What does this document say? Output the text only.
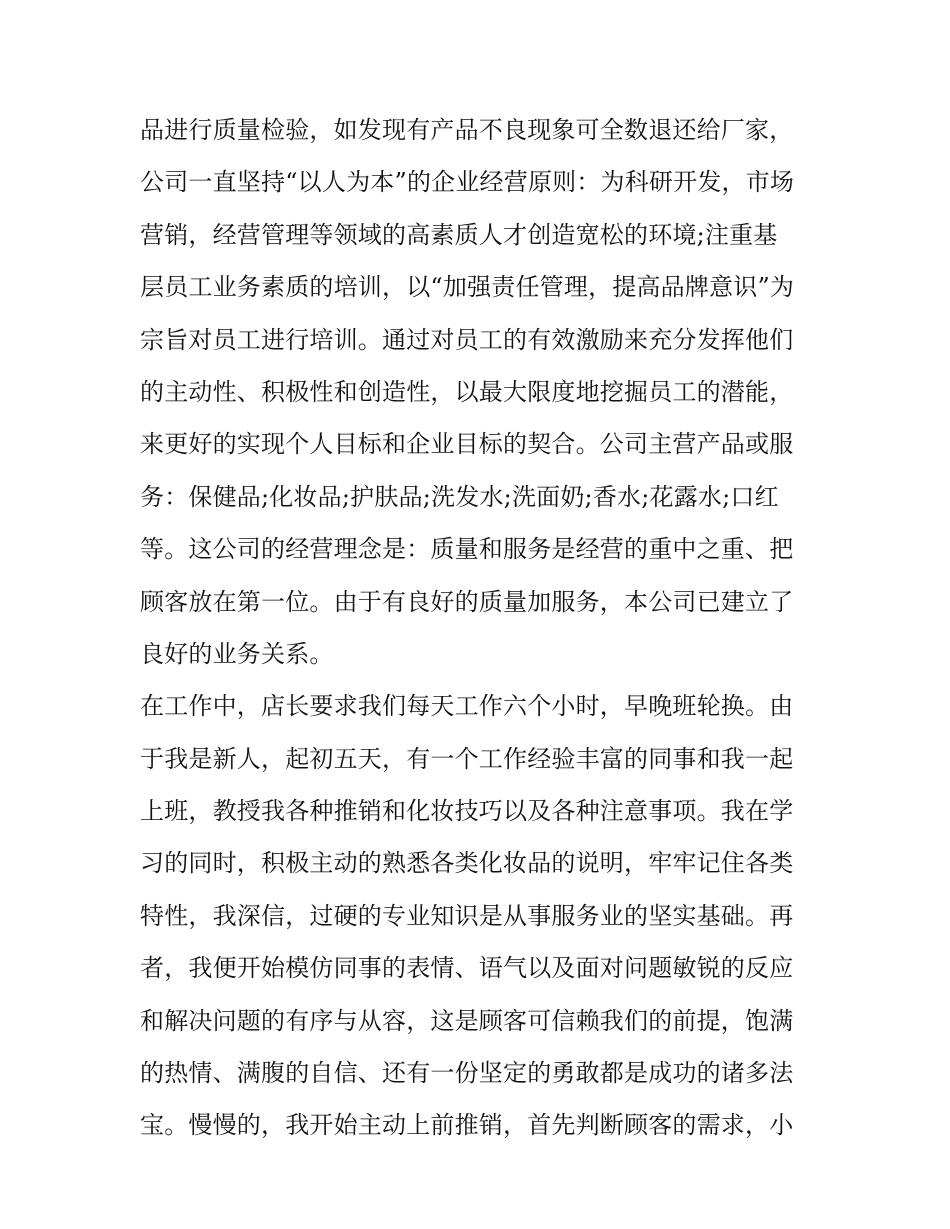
品进行质量检验，如发现有产品不良现象可全数退还给厂家，
公司一直坚持“以人为本”的企业经营原则：为科研开发，市场
营销，经营管理等领域的高素质人才创造宽松的环境;注重基
层员工业务素质的培训，以“加强责任管理，提高品牌意识”为
宗旨对员工进行培训。通过对员工的有效激励来充分发挥他们
的主动性、积极性和创造性，以最大限度地挖掘员工的潜能，
来更好的实现个人目标和企业目标的契合。公司主营产品或服
务：保健品;化妆品;护肤品;洗发水;洗面奶;香水;花露水;口红
等。这公司的经营理念是：质量和服务是经营的重中之重、把
顾客放在第一位。由于有良好的质量加服务，本公司已建立了
良好的业务关系。
在工作中，店长要求我们每天工作六个小时，早晚班轮换。由
于我是新人，起初五天，有一个工作经验丰富的同事和我一起
上班，教授我各种推销和化妆技巧以及各种注意事项。我在学
习的同时，积极主动的熟悉各类化妆品的说明，牢牢记住各类
特性，我深信，过硬的专业知识是从事服务业的坚实基础。再
者，我便开始模仿同事的表情、语气以及面对问题敏锐的反应
和解决问题的有序与从容，这是顾客可信赖我们的前提，饱满
的热情、满腹的自信、还有一份坚定的勇敢都是成功的诸多法
宝。慢慢的，我开始主动上前推销，首先判断顾客的需求，小
